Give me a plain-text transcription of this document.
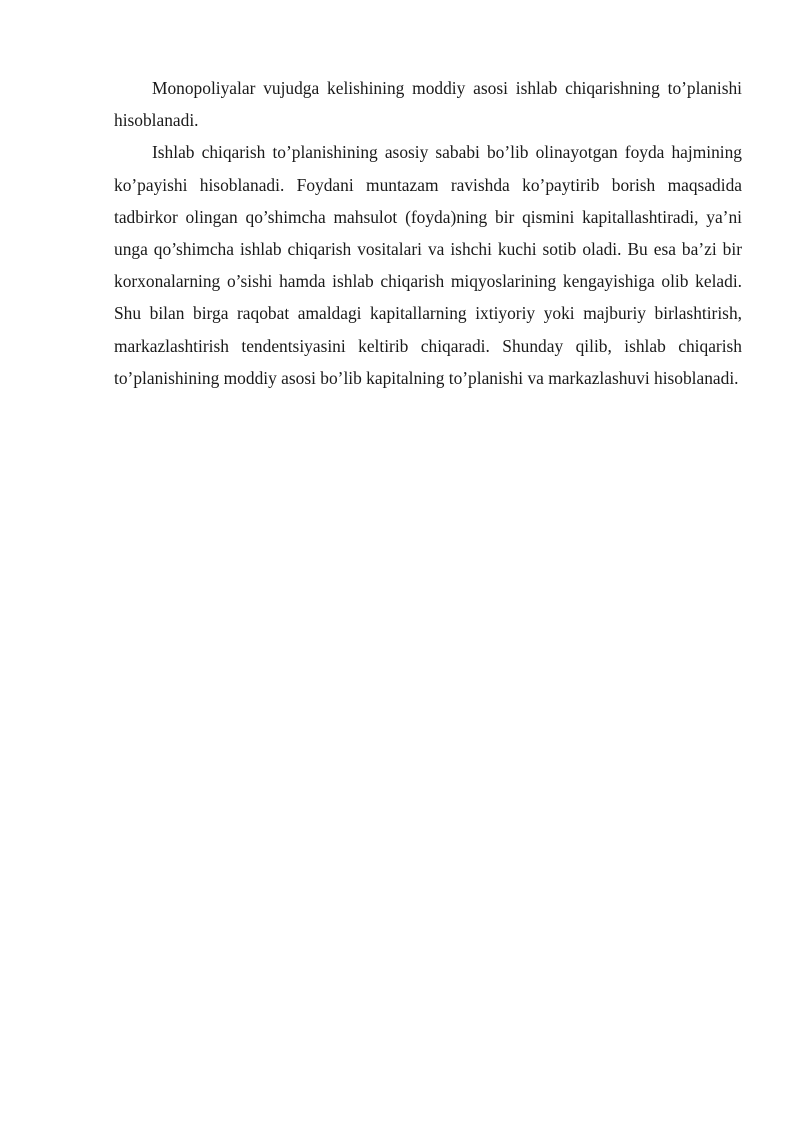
Monopoliyalar vujudga kelishining moddiy asosi ishlab chiqarishning to’planishi hisoblanadi.

Ishlab chiqarish to’planishining asosiy sababi bo’lib olinayotgan foyda hajmining ko’payishi hisoblanadi. Foydani muntazam ravishda ko’paytirib borish maqsadida tadbirkor olingan qo’shimcha mahsulot (foyda)ning bir qismini kapitallashtiradi, ya’ni unga qo’shimcha ishlab chiqarish vositalari va ishchi kuchi sotib oladi. Bu esa ba’zi bir korxonalarning o’sishi hamda ishlab chiqarish miqyoslarining kengayishiga olib keladi. Shu bilan birga raqobat amaldagi kapitallarning ixtiyoriy yoki majburiy birlashtirish, markazlashtirish tendentsiyasini keltirib chiqaradi. Shunday qilib, ishlab chiqarish to’planishining moddiy asosi bo’lib kapitalning to’planishi va markazlashuvi hisoblanadi.
